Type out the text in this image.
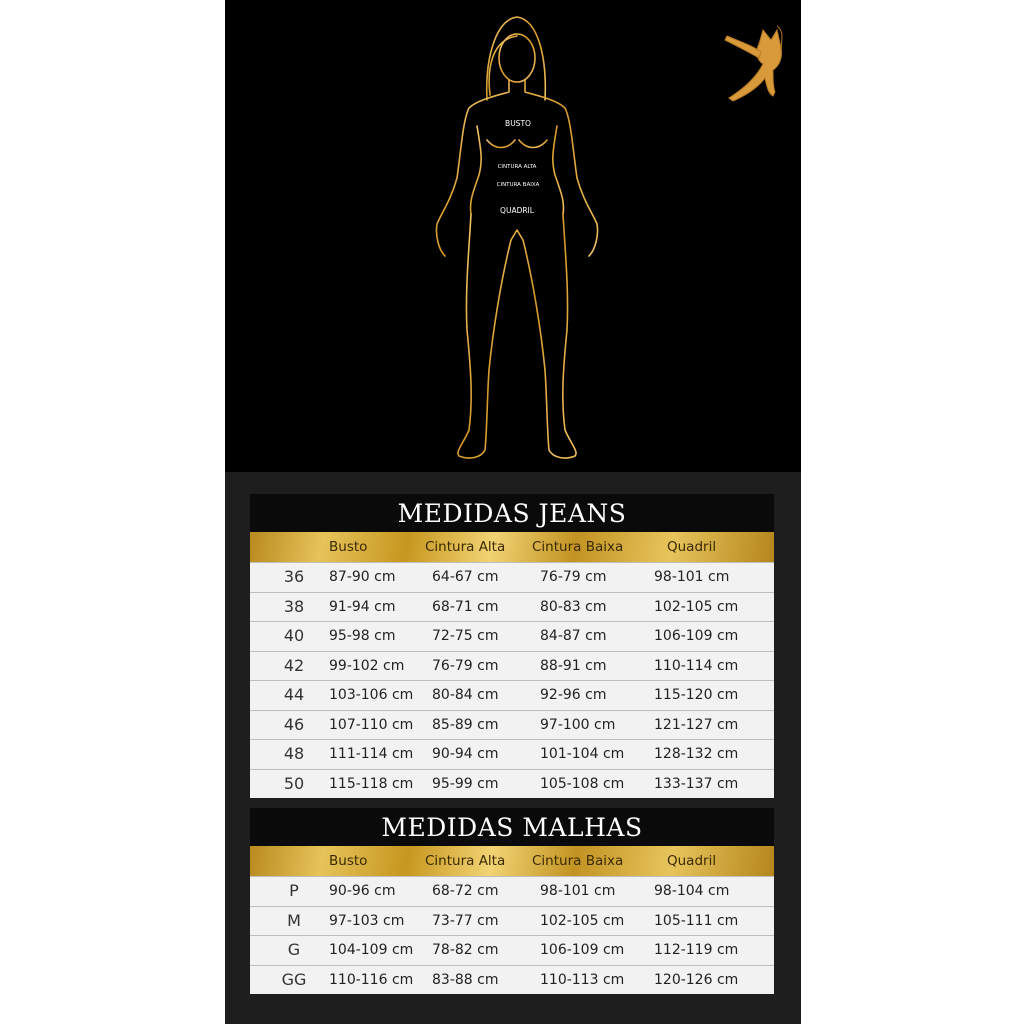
BUSTO
CINTURA ALTA
CINTURA BAIXA
QUADRIL
MEDIDAS JEANS
Busto	Cintura Alta Cintura Baixa	Quadril
36	87-90 cm	64-67 cm	76-79 cm	98-101 cm
38	91-94 cm	68-71 cm	80-83 cm	102-105 cm
40	95-98 cm	72-75 cm	84-87 cm	106-109 cm
42	99-102 cm 76-79 cm	88-91 cm	110-114 cm
44	103-106 cm 80-84 cm	92-96 cm	115-120 cm
46	107-110 cm 85-89 cm	97-100 cm	121-127 cm
48	111-114 cm 90-94 cm	101-104 cm 128-132 cm
50	115-118 cm 95-99 cm	105-108 cm 133-137 cm
MEDIDAS MALHAS
Busto	Cintura Alta Cintura Baixa	Quadril
P	90-96 cm	68-72 cm	98-101 cm	98-104 cm
M	97-103 cm 73-77 cm	102-105 cm 105-111 cm
G	104-109 cm 78-82 cm	106-109 cm 112-119 cm
GG	110-116 cm 83-88 cm	110-113 cm 120-126 cm
